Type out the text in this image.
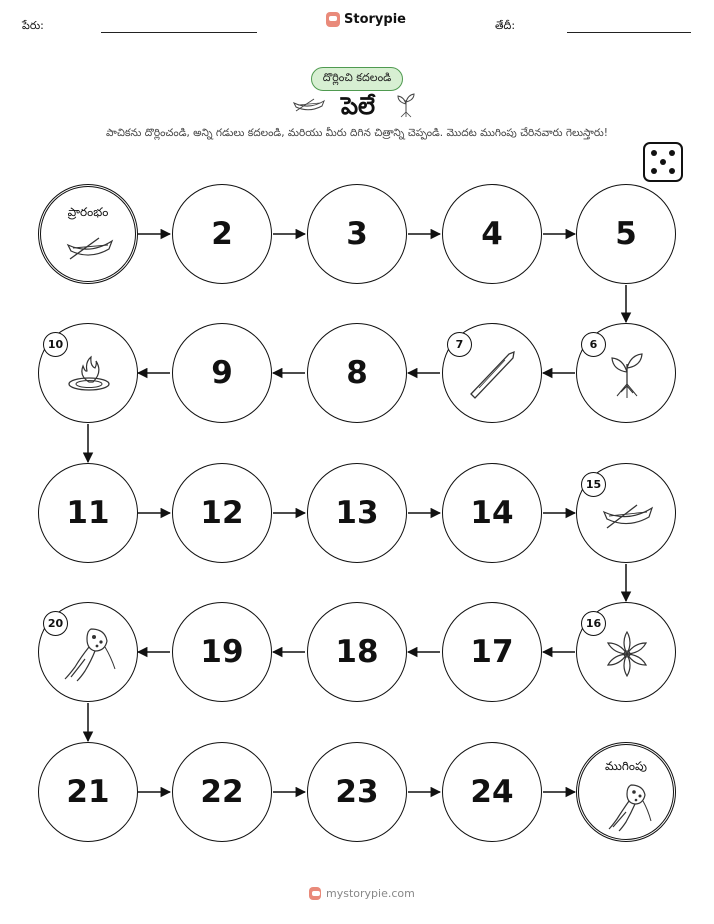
పేరు:	Storypie	తేదీ:
దొర్లించి కదలండి
పెలే
పాచికను దొర్లించండి, అన్ని గడులు కదలండి, మరియు మీరు దిగిన చిత్రాన్ని చెప్పండి. మొదట ముగింపు చేరినవారు గెలుస్తారు!
ప్రారంభం
2	3	4	5
10
9	8
7	6
11	12	13	14
15
20
19	18	17
16
21	22	23	24
ముగింపు
mystorypie.com
